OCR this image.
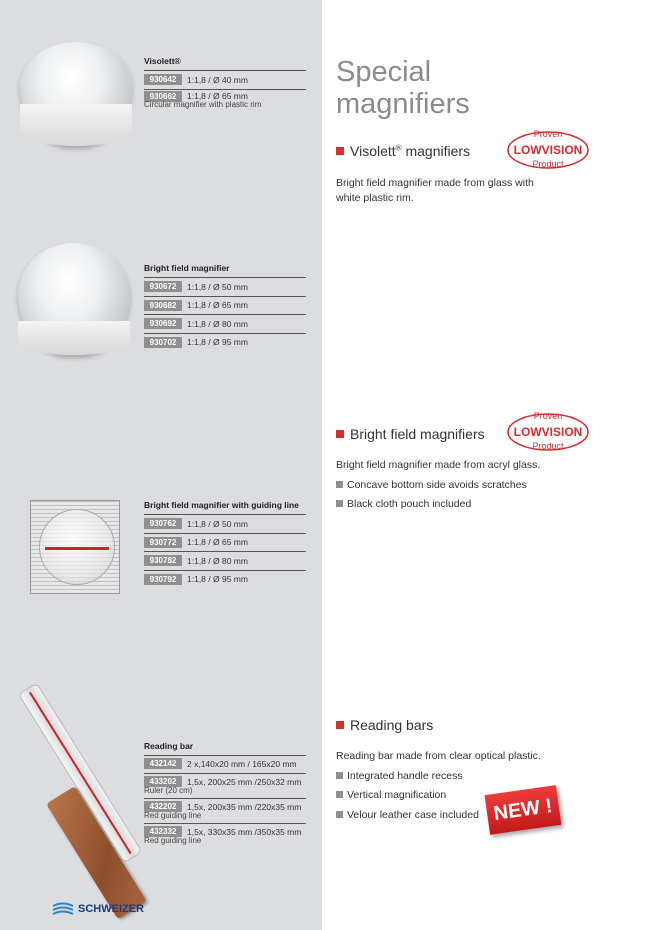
Visolett®
930642	1:1,8 / Ø 40 mm
930662	1:1,8 / Ø 65 mm
Circular magnifier with plastic rim
Bright field magnifier
930672	1:1,8 / Ø 50 mm
930682	1:1,8 / Ø 65 mm
930692	1:1,8 / Ø 80 mm
930702	1:1,8 / Ø 95 mm
Bright field magnifier with guiding line
930762	1:1,8 / Ø 50 mm
930772	1:1,8 / Ø 65 mm
930782	1:1,8 / Ø 80 mm
930792	1:1,8 / Ø 95 mm
Reading bar
432142	2 x,140x20 mm / 165x20 mm
433202	1,5x, 200x25 mm /250x32 mm
Ruler (20 cm)
432202	1,5x, 200x35 mm /220x35 mm
Red guiding line
432332	1,5x, 330x35 mm /350x35 mm
Red guiding line
Special
magnifiers
Visolett® magnifiers
Proven
LOWVISION
Product
Bright field magnifier made from glass with white plastic rim.
Bright field magnifiers
Proven
LOWVISION
Product
Bright field magnifier made from acryl glass.
Concave bottom side avoids scratches
Black cloth pouch included
Reading bars
Reading bar made from clear optical plastic.
Integrated handle recess
Vertical magnification
Velour leather case included NEW !
SCHWEIZER
